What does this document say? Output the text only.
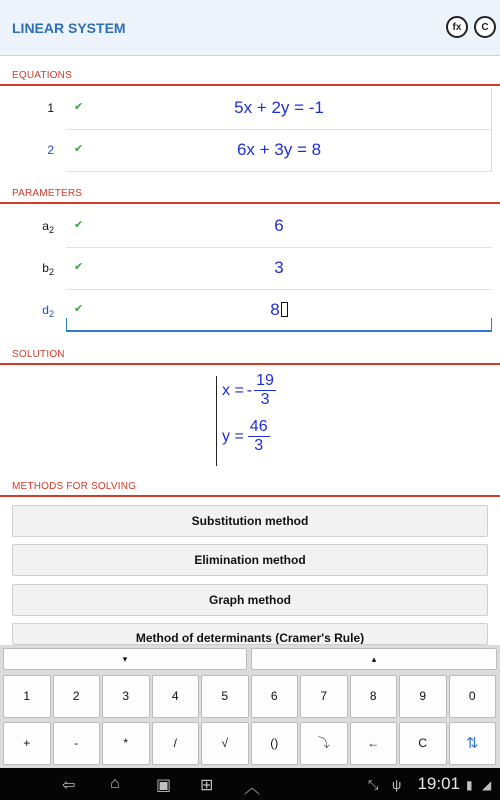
LINEAR SYSTEM	fx	C
EQUATIONS
1 ✔	5x + 2y = -1
2 ✔	6x + 3y = 8
PARAMETERS
$a_2$ ✔	6
$b_2$ ✔	3
$d_2$ ✔	8
SOLUTION
x = - $\frac{19}{3}$
$y = \frac{46}{3}$
METHODS FOR SOLVING
Substitution method
Elimination method
Graph method
Method of determinants (Cramer's Rule)
▾	▴
1	2	3	4	5	6	7	8	9	0
+	-	*	/	√	()	⤵	←	C	⇅
⇦ ⌂ ▣ ⊞ ︿	⤡ ψ 19:01 ▮ ◢
